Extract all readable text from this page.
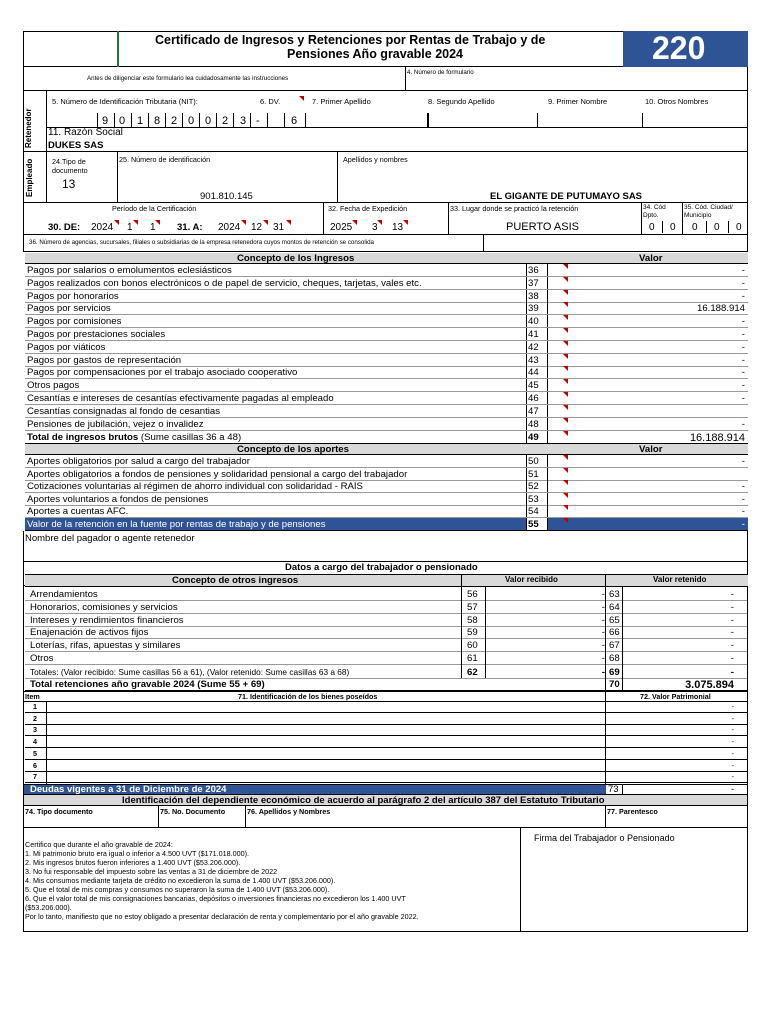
Certificado de Ingresos y Retenciones por Rentas de Trabajo y de
Pensiones Año gravable 2024	220
Antes de diligenciar este formulario lea cuidadosamente las instrucciones
4. Número de formulario
Retenedor
5. Número de Identificación Tributaria (NIT):	6. DV.	7. Primer Apellido	8. Segundo Apellido	9. Primer Nombre	10. Otros Nombres
9 0 1 8 2 0 0 2 3 -	6
11. Razón Social
DUKES SAS
Empleado	24.Tipo de documento
13
25. Número de identificación
901.810.145
Apellidos y nombres
EL GIGANTE DE PUTUMAYO SAS
Período de la Certificación
30. DE: 2024 1 1 31. A: 2024 12 31
32. Fecha de Expedición
2025 3 13
33. Lugar donde se practicó la retención
PUERTO ASIS
34. Cód Dpto.
35. Cód. Ciudad/ Municipio
0 0 0 0 0
36. Número de agencias, sucursales, filiales o subsidiarias de la empresa retenedora cuyos montos de retención se consolida
Concepto de los Ingresos	Valor
Pagos por salarios o emolumentos eclesiásticos	36	-
Pagos realizados con bonos electrónicos o de papel de servicio, cheques, tarjetas, vales etc.	37	-
Pagos por honorarios	38	-
Pagos por servicios	39	16.188.914
Pagos por comisiones	40	-
Pagos por prestaciones sociales	41	-
Pagos por viáticos	42	-
Pagos por gastos de representación	43	-
Pagos por compensaciones por el trabajo asociado cooperativo	44	-
Otros pagos	45	-
Cesantías e intereses de cesantías efectivamente pagadas al empleado	46	-
Cesantías consignadas al fondo de cesantias	47
Pensiones de jubilación, vejez o invalidez	48	-
Total de ingresos brutos (Sume casillas 36 a 48)	49	16.188.914
Concepto de los aportes	Valor
Aportes obligatorios por salud a cargo del trabajador	50	-
Aportes obligatorios a fondos de pensiones y solidaridad pensional a cargo del trabajador	51
Cotizaciones voluntarias al régimen de ahorro individual con solidaridad - RAIS	52	-
Aportes voluntarios a fondos de pensiones	53	-
Aportes a cuentas AFC.	54	-
Valor de la retención en la fuente por rentas de trabajo y de pensiones	55	-
Nombre del pagador o agente retenedor
Datos a cargo del trabajador o pensionado
Concepto de otros ingresos	Valor recibido	Valor retenido
Arrendamientos	56	- 63	-
Honorarios, comisiones y servicios	57	- 64	-
Intereses y rendimientos financieros	58	- 65	-
Enajenación de activos fijos	59	- 66	-
Loterías, rifas, apuestas y similares	60	- 67	-
Otros	61	- 68	-
Totales: (Valor recibido: Sume casillas 56 a 61), (Valor retenido: Sume casillas 63 a 68)	62	- 69	-
Total retenciones año gravable 2024 (Sume 55 + 69)	70	3.075.894
Item	71. Identificación de los bienes poseídos	72. Valor Patrimonial
1	-
2	-
3	-
4	-
5	-
6	-
7	-
Deudas vigentes a 31 de Diciembre de 2024	73	-
Identificación del dependiente económico de acuerdo al parágrafo 2 del artículo 387 del Estatuto Tributario
74. Tipo documento	75. No. Documento	76. Apellidos y Nombres	77. Parentesco
Firma del Trabajador o Pensionado
Certifico que durante el año gravable de 2024:
1. Mi patrimonio bruto era igual o inferior a 4.500 UVT ($171.018.000).
2. Mis ingresos brutos fueron inferiores a 1.400 UVT ($53.206.000).
3. No fui responsable del impuesto sobre las ventas a 31 de diciembre de 2022
4. Mis consumos mediante tarjeta de crédito no excedieron la suma de 1.400 UVT ($53.206.000).
5. Que el total de mis compras y consumos no superaron la suma de 1.400 UVT ($53.206.000).
6. Que el valor total de mis consignaciones bancarias, depósitos o inversiones financieras no excedieron los 1.400 UVT
($53.206.000).
Por lo tanto, manifiesto que no estoy obligado a presentar declaración de renta y complementario por el año gravable 2022.
